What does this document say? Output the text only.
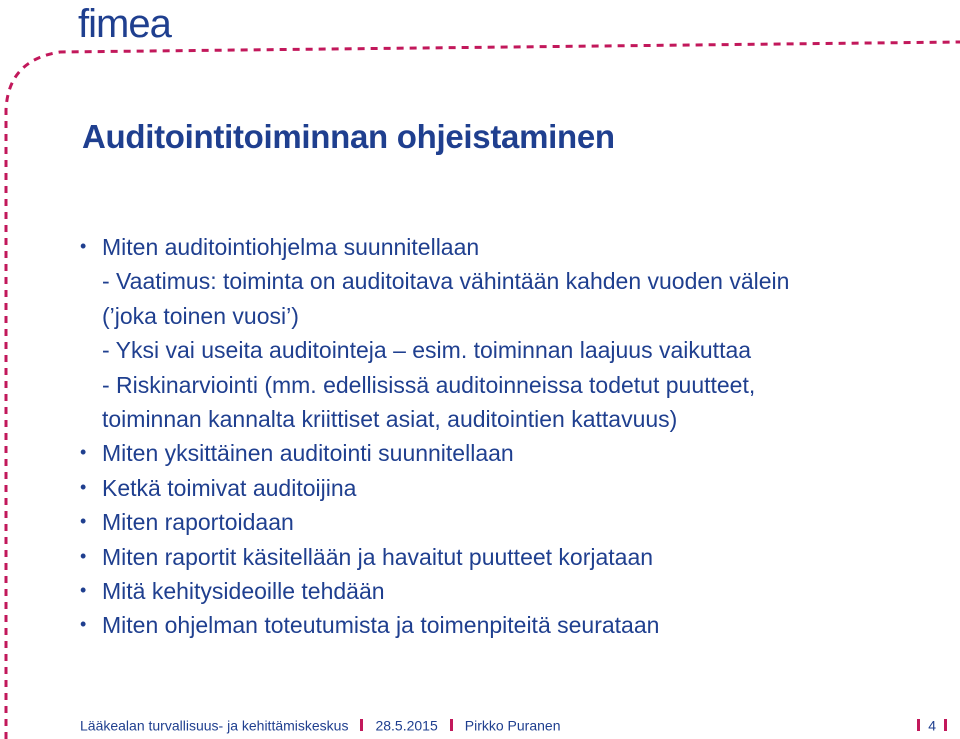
fimea
Auditointitoiminnan ohjeistaminen
• Miten auditointiohjelma suunnitellaan
- Vaatimus: toiminta on auditoitava vähintään kahden vuoden välein
(’joka toinen vuosi’)
- Yksi vai useita auditointeja – esim. toiminnan laajuus vaikuttaa
- Riskinarviointi (mm. edellisissä auditoinneissa todetut puutteet,
toiminnan kannalta kriittiset asiat, auditointien kattavuus)
• Miten yksittäinen auditointi suunnitellaan
• Ketkä toimivat auditoijina
• Miten raportoidaan
• Miten raportit käsitellään ja havaitut puutteet korjataan
• Mitä kehitysideoille tehdään
• Miten ohjelman toteutumista ja toimenpiteitä seurataan
Lääkealan turvallisuus- ja kehittämiskeskus 28.5.2015 Pirkko Puranen	4
